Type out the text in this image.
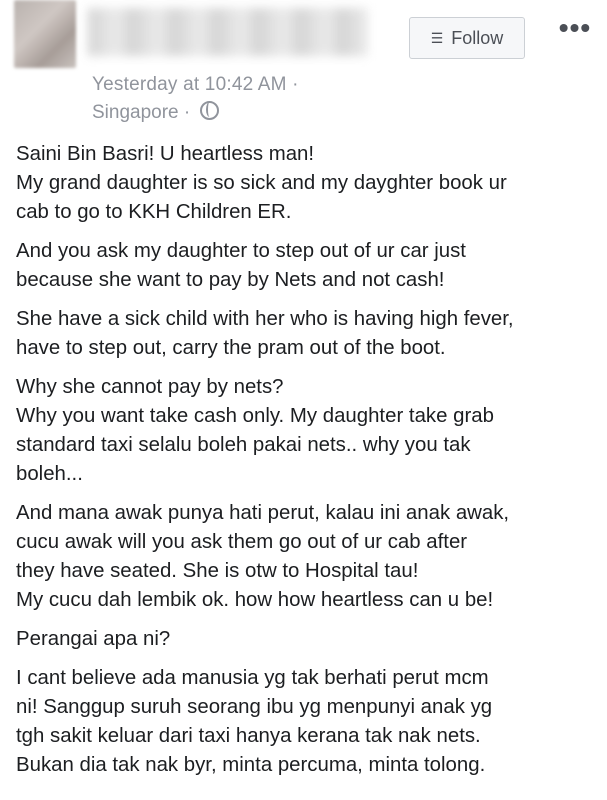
Yesterday at 10:42 AM ·
Singapore ·
☰ Follow •••

Saini Bin Basri! U heartless man!
My grand daughter is so sick and my dayghter book ur
cab to go to KKH Children ER.

And you ask my daughter to step out of ur car just
because she want to pay by Nets and not cash!

She have a sick child with her who is having high fever,
have to step out, carry the pram out of the boot.

Why she cannot pay by nets?
Why you want take cash only. My daughter take grab
standard taxi selalu boleh pakai nets.. why you tak
boleh...

And mana awak punya hati perut, kalau ini anak awak,
cucu awak will you ask them go out of ur cab after
they have seated. She is otw to Hospital tau!
My cucu dah lembik ok. how how heartless can u be!

Perangai apa ni?

I cant believe ada manusia yg tak berhati perut mcm
ni! Sanggup suruh seorang ibu yg menpunyi anak yg
tgh sakit keluar dari taxi hanya kerana tak nak nets.
Bukan dia tak nak byr, minta percuma, minta tolong.
